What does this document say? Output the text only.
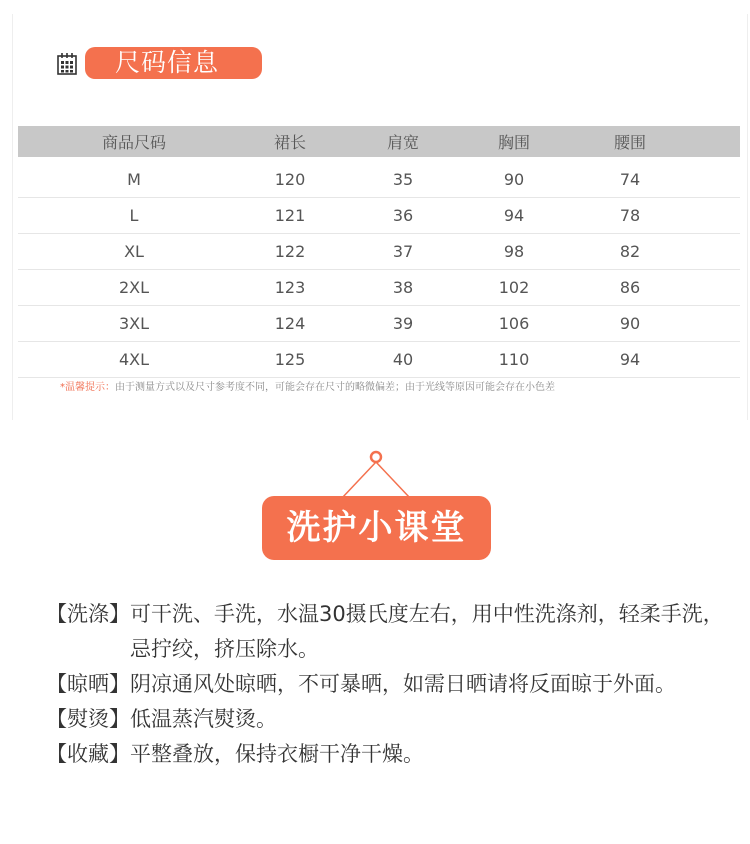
尺码信息
商品尺码	裙长	肩宽	胸围	腰围
M	120	35	90	74
L	121	36	94	78
XL	122	37	98	82
2XL	123	38	102	86
3XL	124	39	106	90
4XL	125	40	110	94
*温馨提示：由于测量方式以及尺寸参考度不同，可能会存在尺寸的略微偏差；由于光线等原因可能会存在小色差
洗护小课堂
【洗涤】 可干洗、手洗，水温30摄氏度左右，用中性洗涤剂，轻柔手洗，忌拧绞，挤压除水。
【晾晒】 阴凉通风处晾晒，不可暴晒，如需日晒请将反面晾于外面。
【熨烫】 低温蒸汽熨烫。
【收藏】 平整叠放，保持衣橱干净干燥。
